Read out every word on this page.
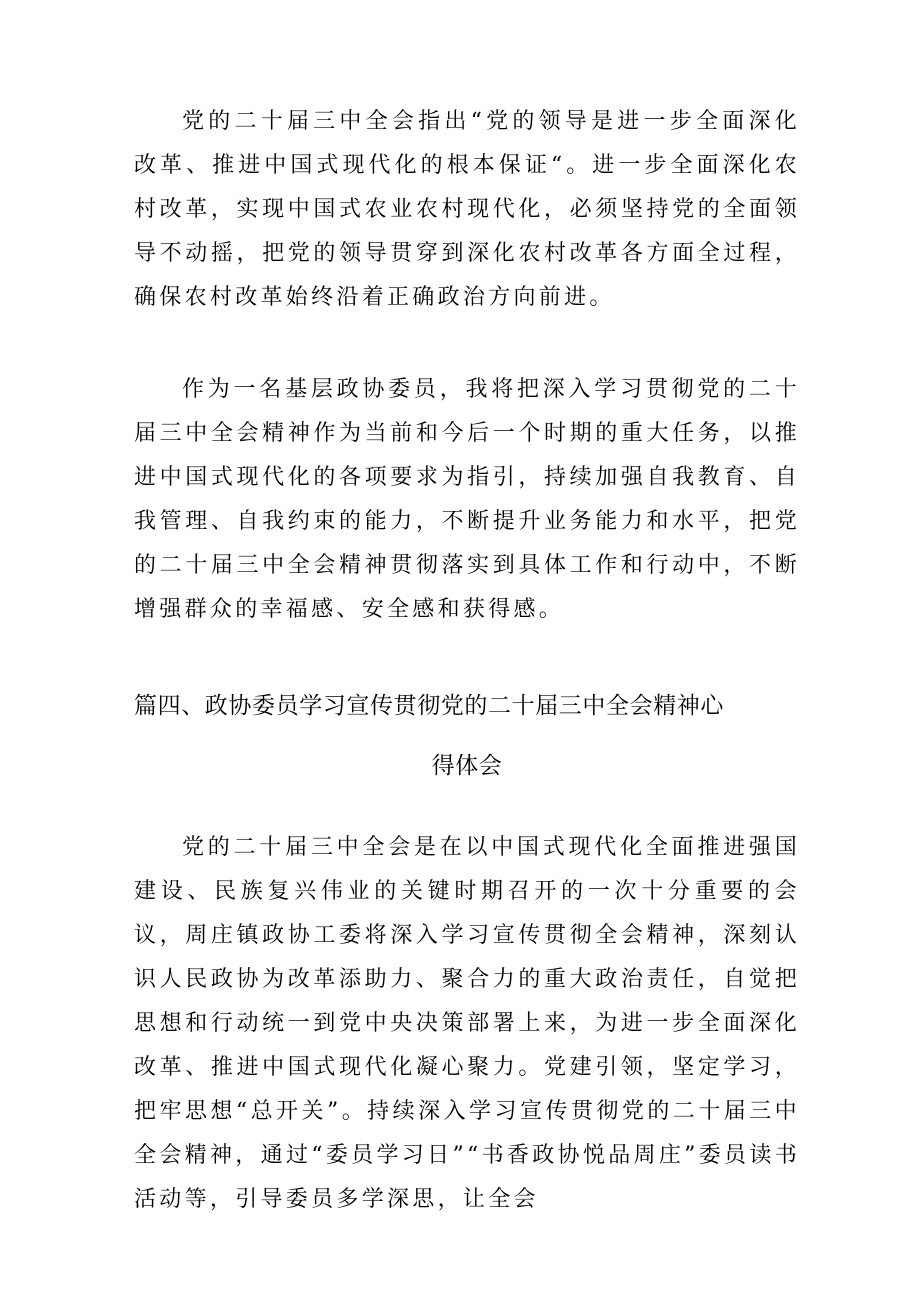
党的二十届三中全会指出“党的领导是进一步全面深化改革、推进中国式现代化的根本保证“。进一步全面深化农村改革，实现中国式农业农村现代化，必须坚持党的全面领导不动摇，把党的领导贯穿到深化农村改革各方面全过程，确保农村改革始终沿着正确政治方向前进。

作为一名基层政协委员，我将把深入学习贯彻党的二十届三中全会精神作为当前和今后一个时期的重大任务，以推进中国式现代化的各项要求为指引，持续加强自我教育、自我管理、自我约束的能力，不断提升业务能力和水平，把党的二十届三中全会精神贯彻落实到具体工作和行动中，不断增强群众的幸福感、安全感和获得感。

篇四、政协委员学习宣传贯彻党的二十届三中全会精神心
得体会

党的二十届三中全会是在以中国式现代化全面推进强国建设、民族复兴伟业的关键时期召开的一次十分重要的会议，周庄镇政协工委将深入学习宣传贯彻全会精神，深刻认识人民政协为改革添助力、聚合力的重大政治责任，自觉把思想和行动统一到党中央决策部署上来，为进一步全面深化改革、推进中国式现代化凝心聚力。党建引领，坚定学习，把牢思想“总开关”。持续深入学习宣传贯彻党的二十届三中全会精神，通过“委员学习日”“书香政协悦品周庄”委员读书活动等，引导委员多学深思，让全会
